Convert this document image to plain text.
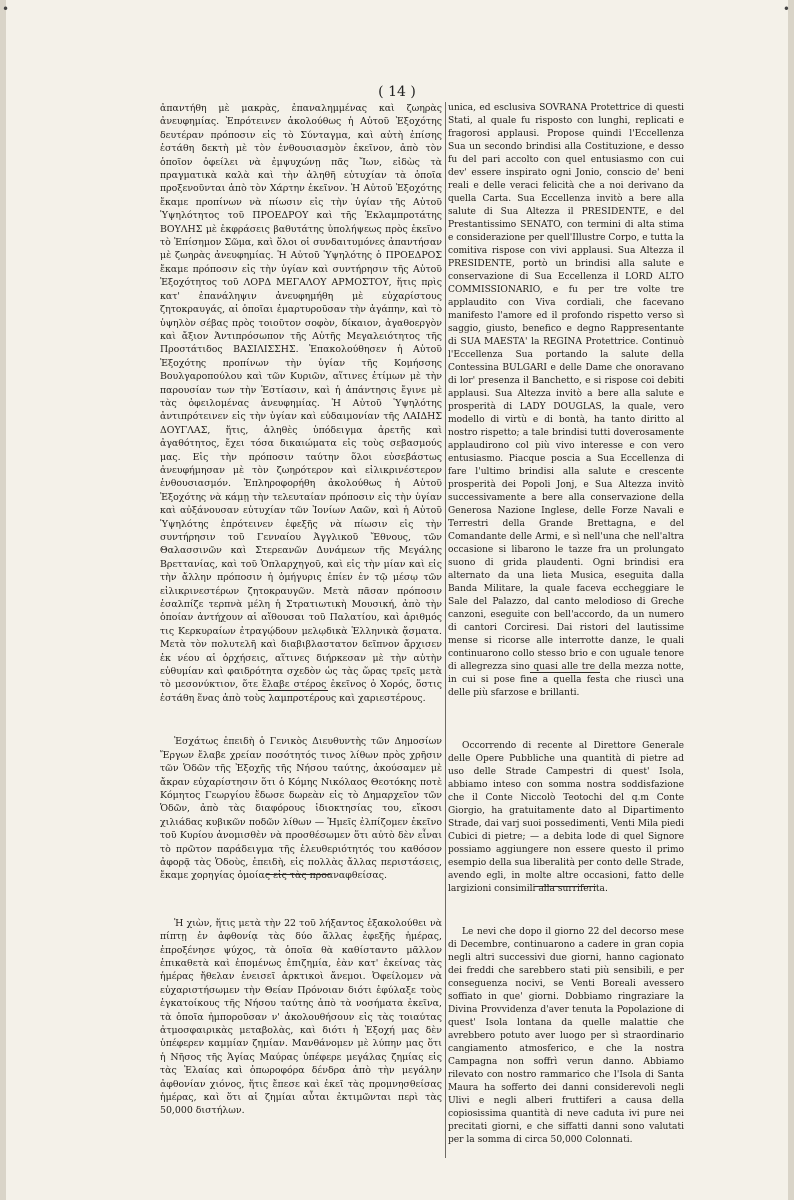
•	•
( 14 )

ἀπαντήθη μὲ μακρὰς, ἐπαναλημμένας καὶ ζωηρὰς ἀνευφημίας. Ἐπρότεινεν ἀκολούθως ἡ Αὐτοῦ Ἐξοχότης δευτέραν πρόποσιν εἰς τὸ Σύνταγμα, καὶ αὐτὴ ἐπίσης ἐστάθη δεκτὴ μὲ τὸν ἐνθουσιασμὸν ἐκεῖνον, ἀπὸ τὸν ὁποῖον ὀφείλει νὰ ἐμψυχώνῃ πᾶς Ἴων, εἰδὼς τὰ πραγματικὰ καλὰ καὶ τὴν ἀληθῆ εὐτυχίαν τὰ ὁποῖα προξενοῦνται ἀπὸ τὸν Χάρτην ἐκεῖνον. Ἡ Αὐτοῦ Ἐξοχότης ἔκαμε προπίνων νὰ πίωσιν εἰς τὴν ὑγίαν τῆς Αὐτοῦ Ὑψηλότητος τοῦ ΠΡΟΕΔΡΟΥ καὶ τῆς Ἐκλαμπροτάτης ΒΟΥΛΗΣ μὲ ἐκφράσεις βαθυτάτης ὑπολήψεως πρὸς ἐκεῖνο τὸ Ἐπίσημον Σῶμα, καὶ ὅλοι οἱ συνδαιτυμόνες ἀπαντήσαν μὲ ζωηρὰς ἀνευφημίας. Ἡ Αὐτοῦ Ὑψηλότης ὁ ΠΡΟΕΔΡΟΣ ἔκαμε πρόποσιν εἰς τὴν ὑγίαν καὶ συντήρησιν τῆς Αὐτοῦ Ἐξοχότητος τοῦ ΛΟΡΔ ΜΕΓΑΛΟΥ ΑΡΜΟΣΤΟΥ, ἥτις πρὶς κατ' ἐπανάληψιν ἀνευφημήθη μὲ εὐχαρίστους ζητοκραυγάς, αἱ ὁποῖαι ἐμαρτυροῦσαν τὴν ἀγάπην, καὶ τὸ ὑψηλὸν σέβας πρὸς τοιοῦτον σοφὸν, δίκαιον, ἀγαθοεργὸν καὶ ἄξιον Ἀντιπρόσωπον τῆς Αὐτῆς Μεγαλειότητος τῆς Προστάτιδος ΒΑΣΙΛΙΣΣΗΣ. Ἐπακολούθησεν ἡ Αὐτοῦ Ἐξοχότης προπίνων τὴν ὑγίαν τῆς Κομήσσης Βουλγαροπούλου καὶ τῶν Κυριῶν, αἵτινες ἐτίμων μὲ τὴν παρουσίαν των τὴν Ἑστίασιν, καὶ ἡ ἀπάντησις ἔγινε μὲ τὰς ὀφειλομένας ἀνευφημίας. Ἡ Αὐτοῦ Ὑψηλότης ἀντιπρότεινεν εἰς τὴν ὑγίαν καὶ εὐδαιμονίαν τῆς ΛΑΙΔΗΣ ΔΟΥΓΛΑΣ, ἥτις, ἀληθὲς ὑπόδειγμα ἀρετῆς καὶ ἀγαθότητος, ἔχει τόσα δικαιώματα εἰς τοὺς σεβασμούς μας. Εἰς τὴν πρόποσιν ταύτην ὅλοι εὐσεβάστως ἀνευφήμησαν μὲ τὸν ζωηρότερον καὶ εἰλικρινέστερον ἐνθουσιασμόν. Ἐπληροφορήθη ἀκολούθως ἡ Αὐτοῦ Ἐξοχότης νὰ κάμῃ τὴν τελευταίαν πρόποσιν εἰς τὴν ὑγίαν καὶ αὐξάνουσαν εὐτυχίαν τῶν Ἰονίων Λαῶν, καὶ ἡ Αὐτοῦ Ὑψηλότης ἐπρότεινεν ἐφεξῆς νὰ πίωσιν εἰς τὴν συντήρησιν τοῦ Γενναίου Ἀγγλικοῦ Ἔθνους, τῶν Θαλασσινῶν καὶ Στερεανῶν Δυνάμεων τῆς Μεγάλης Βρεττανίας, καὶ τοῦ Ὁπλαρχηγοῦ, καὶ εἰς τὴν μίαν καὶ εἰς τὴν ἄλλην πρόποσιν ἡ ὁμήγυρις ἐπίεν ἐν τῷ μέσῳ τῶν εἰλικρινεστέρων ζητοκραυγῶν. Μετὰ πᾶσαν πρόποσιν ἐσαλπίζε τερπνὰ μέλη ἡ Στρατιωτικὴ Μουσική, ἀπὸ τὴν ὁποίαν ἀντήχουν αἱ αἴθουσαι τοῦ Παλατίου, καὶ ἀριθμός τις Κερκυραίων ἐτραγῴδουν μελῳδικὰ Ἑλληνικὰ ᾄσματα. Μετὰ τὸν πολυτελῆ καὶ διαβιβλαστατον δεῖπνον ἄρχισεν ἐκ νέου αἱ ὀρχήσεις, αἵτινες διήρκεσαν μὲ τὴν αὐτὴν εὐθυμίαν καὶ φαιδρότητα σχεδὸν ὡς τὰς ὥρας τρεῖς μετὰ τὸ μεσονύκτιον, ὅτε ἔλαβε στέρος ἐκεῖνος ὁ Χορός, ὅστις ἐστάθη ἕνας ἀπὸ τοὺς λαμπροτέρους καὶ χαριεστέρους.

Ἐσχάτως ἐπειδὴ ὁ Γενικὸς Διευθυντὴς τῶν Δημοσίων Ἔργων ἔλαβε χρείαν ποσότητός τινος λίθων πρὸς χρῆσιν τῶν Ὁδῶν τῆς Ἐξοχῆς τῆς Νήσου ταύτης, ἀκούσαμεν μὲ ἄκραν εὐχαρίστησιν ὅτι ὁ Κόμης Νικόλαος Θεοτόκης ποτὲ Κόμητος Γεωργίου ἔδωσε δωρεὰν εἰς τὸ Δημαρχεῖον τῶν Ὁδῶν, ἀπὸ τὰς διαφόρους ἰδιοκτησίας του, εἴκοσι χιλιάδας κυβικῶν ποδῶν λίθων — Ἡμεῖς ἐλπίζομεν ἐκεῖνο τοῦ Κυρίου ἀνομισθὲν νὰ προσθέσωμεν ὅτι αὐτὸ δὲν εἶναι τὸ πρῶτον παράδειγμα τῆς ἐλευθεριότητός του καθόσον ἀφορᾷ τὰς Ὁδοὺς, ἐπειδὴ, εἰς πολλὰς ἄλλας περιστάσεις, ἔκαμε χορηγίας ὁμοίας εἰς τὰς προαναφθείσας.

Ἡ χιὼν, ἥτις μετὰ τὴν 22 τοῦ λήξαντος ἐξακολούθει νὰ πίπτῃ ἐν ἀφθονίᾳ τὰς δύο ἄλλας ἐφεξῆς ἡμέρας, ἐπροξένησε ψύχος, τὰ ὁποῖα θὰ καθίσταντο μᾶλλον ἐπικαθετὰ καὶ ἐπομένως ἐπιζημία, ἐὰν κατ' ἐκείνας τὰς ἡμέρας ἤθελαν ἐνεισεῖ ἀρκτικοὶ ἄνεμοι. Ὀφείλομεν νὰ εὐχαριστήσωμεν τὴν Θείαν Πρόνοιαν διότι ἐφύλαξε τοὺς ἐγκατοίκους τῆς Νήσου ταύτης ἀπὸ τὰ νοσήματα ἐκεῖνα, τὰ ὁποῖα ἠμποροῦσαν ν' ἀκολουθήσουν εἰς τὰς τοιαύτας ἀτμοσφαιρικὰς μεταβολὰς, καὶ διότι ἡ Ἐξοχή μας δὲν ὑπέφερεν καμμίαν ζημίαν. Μανθάνομεν μὲ λύπην μας ὅτι ἡ Νῆσος τῆς Ἁγίας Μαύρας ὑπέφερε μεγάλας ζημίας εἰς τὰς Ἐλαίας καὶ ὀπωροφόρα δένδρα ἀπὸ τὴν μεγάλην ἀφθονίαν χιόνος, ἥτις ἔπεσε καὶ ἐκεῖ τὰς προμνησθείσας ἡμέρας, καὶ ὅτι αἱ ζημίαι αὗται ἐκτιμῶνται περὶ τὰς 50,000 διστήλων.

unica, ed esclusiva SOVRANA Protettrice di questi Stati, al quale fu risposto con lunghi, replicati e fragorosi applausi. Propose quindi l'Eccellenza Sua un secondo brindisi alla Costituzione, e desso fu del pari accolto con quel entusiasmo con cui dev' essere inspirato ogni Jonio, conscio de' beni reali e delle veraci felicità che a noi derivano da quella Carta. Sua Eccellenza invitò a bere alla salute di Sua Altezza il PRESIDENTE, e del Prestantissimo SENATO, con termini di alta stima e considerazione per quell'Illustre Corpo, e tutta la comitiva rispose con vivi applausi. Sua Altezza il PRESIDENTE, portò un brindisi alla salute e conservazione di Sua Eccellenza il LORD ALTO COMMISSIONARIO, e fu per tre volte tre applaudito con Viva cordiali, che facevano manifesto l'amore ed il profondo rispetto verso sì saggio, giusto, benefico e degno Rappresentante di SUA MAESTA' la REGINA Protettrice. Continuò l'Eccellenza Sua portando la salute della Contessina BULGARI e delle Dame che onoravano di lor' presenza il Banchetto, e si rispose coi debiti applausi. Sua Altezza invitò a bere alla salute e prosperità di LADY DOUGLAS, la quale, vero modello di virtù e di bontà, ha tanto diritto al nostro rispetto; a tale brindisi tutti doverosamente applaudirono col più vivo interesse e con vero entusiasmo. Piacque poscia a Sua Eccellenza di fare l'ultimo brindisi alla salute e crescente prosperità dei Popoli Jonj, e Sua Altezza invitò successivamente a bere alla conservazione della Generosa Nazione Inglese, delle Forze Navali e Terrestri della Grande Brettagna, e del Comandante delle Armi, e sì nell'una che nell'altra occasione si libarono le tazze fra un prolungato suono di grida plaudenti. Ogni brindisi era alternato da una lieta Musica, eseguita dalla Banda Militare, la quale faceva eccheggiare le Sale del Palazzo, dal canto melodioso di Greche canzoni, eseguite con bell'accordo, da un numero di cantori Corciresi. Dai ristori del lautissime mense si ricorse alle interrotte danze, le quali continuarono collo stesso brio e con uguale tenore di allegrezza sino quasi alle tre della mezza notte, in cui si pose fine a quella festa che riuscì una delle più sfarzose e brillanti.

Occorrendo di recente al Direttore Generale delle Opere Pubbliche una quantità di pietre ad uso delle Strade Campestri di quest' Isola, abbiamo inteso con somma nostra soddisfazione che il Conte Niccolò Teotochi del q.m Conte Giorgio, ha gratuitamente dato al Dipartimento Strade, dai varj suoi possedimenti, Venti Mila piedi Cubici di pietre; — a debita lode di quel Signore possiamo aggiungere non essere questo il primo esempio della sua liberalità per conto delle Strade, avendo egli, in molte altre occasioni, fatto delle largizioni consimili alla surriferita.

Le nevi che dopo il giorno 22 del decorso mese di Decembre, continuarono a cadere in gran copia negli altri successivi due giorni, hanno cagionato dei freddi che sarebbero stati più sensibili, e per conseguenza nocivi, se Venti Boreali avessero soffiato in que' giorni. Dobbiamo ringraziare la Divina Provvidenza d'aver tenuta la Popolazione di quest' Isola lontana da quelle malattie che avrebbero potuto aver luogo per sì straordinario cangiamento atmosferico, e che la nostra Campagna non soffrì verun danno. Abbiamo rilevato con nostro rammarico che l'Isola di Santa Maura ha sofferto dei danni considerevoli negli Ulivi e negli alberi fruttiferi a causa della copiosissima quantità di neve caduta ivi pure nei precitati giorni, e che siffatti danni sono valutati per la somma di circa 50,000 Colonnati.
